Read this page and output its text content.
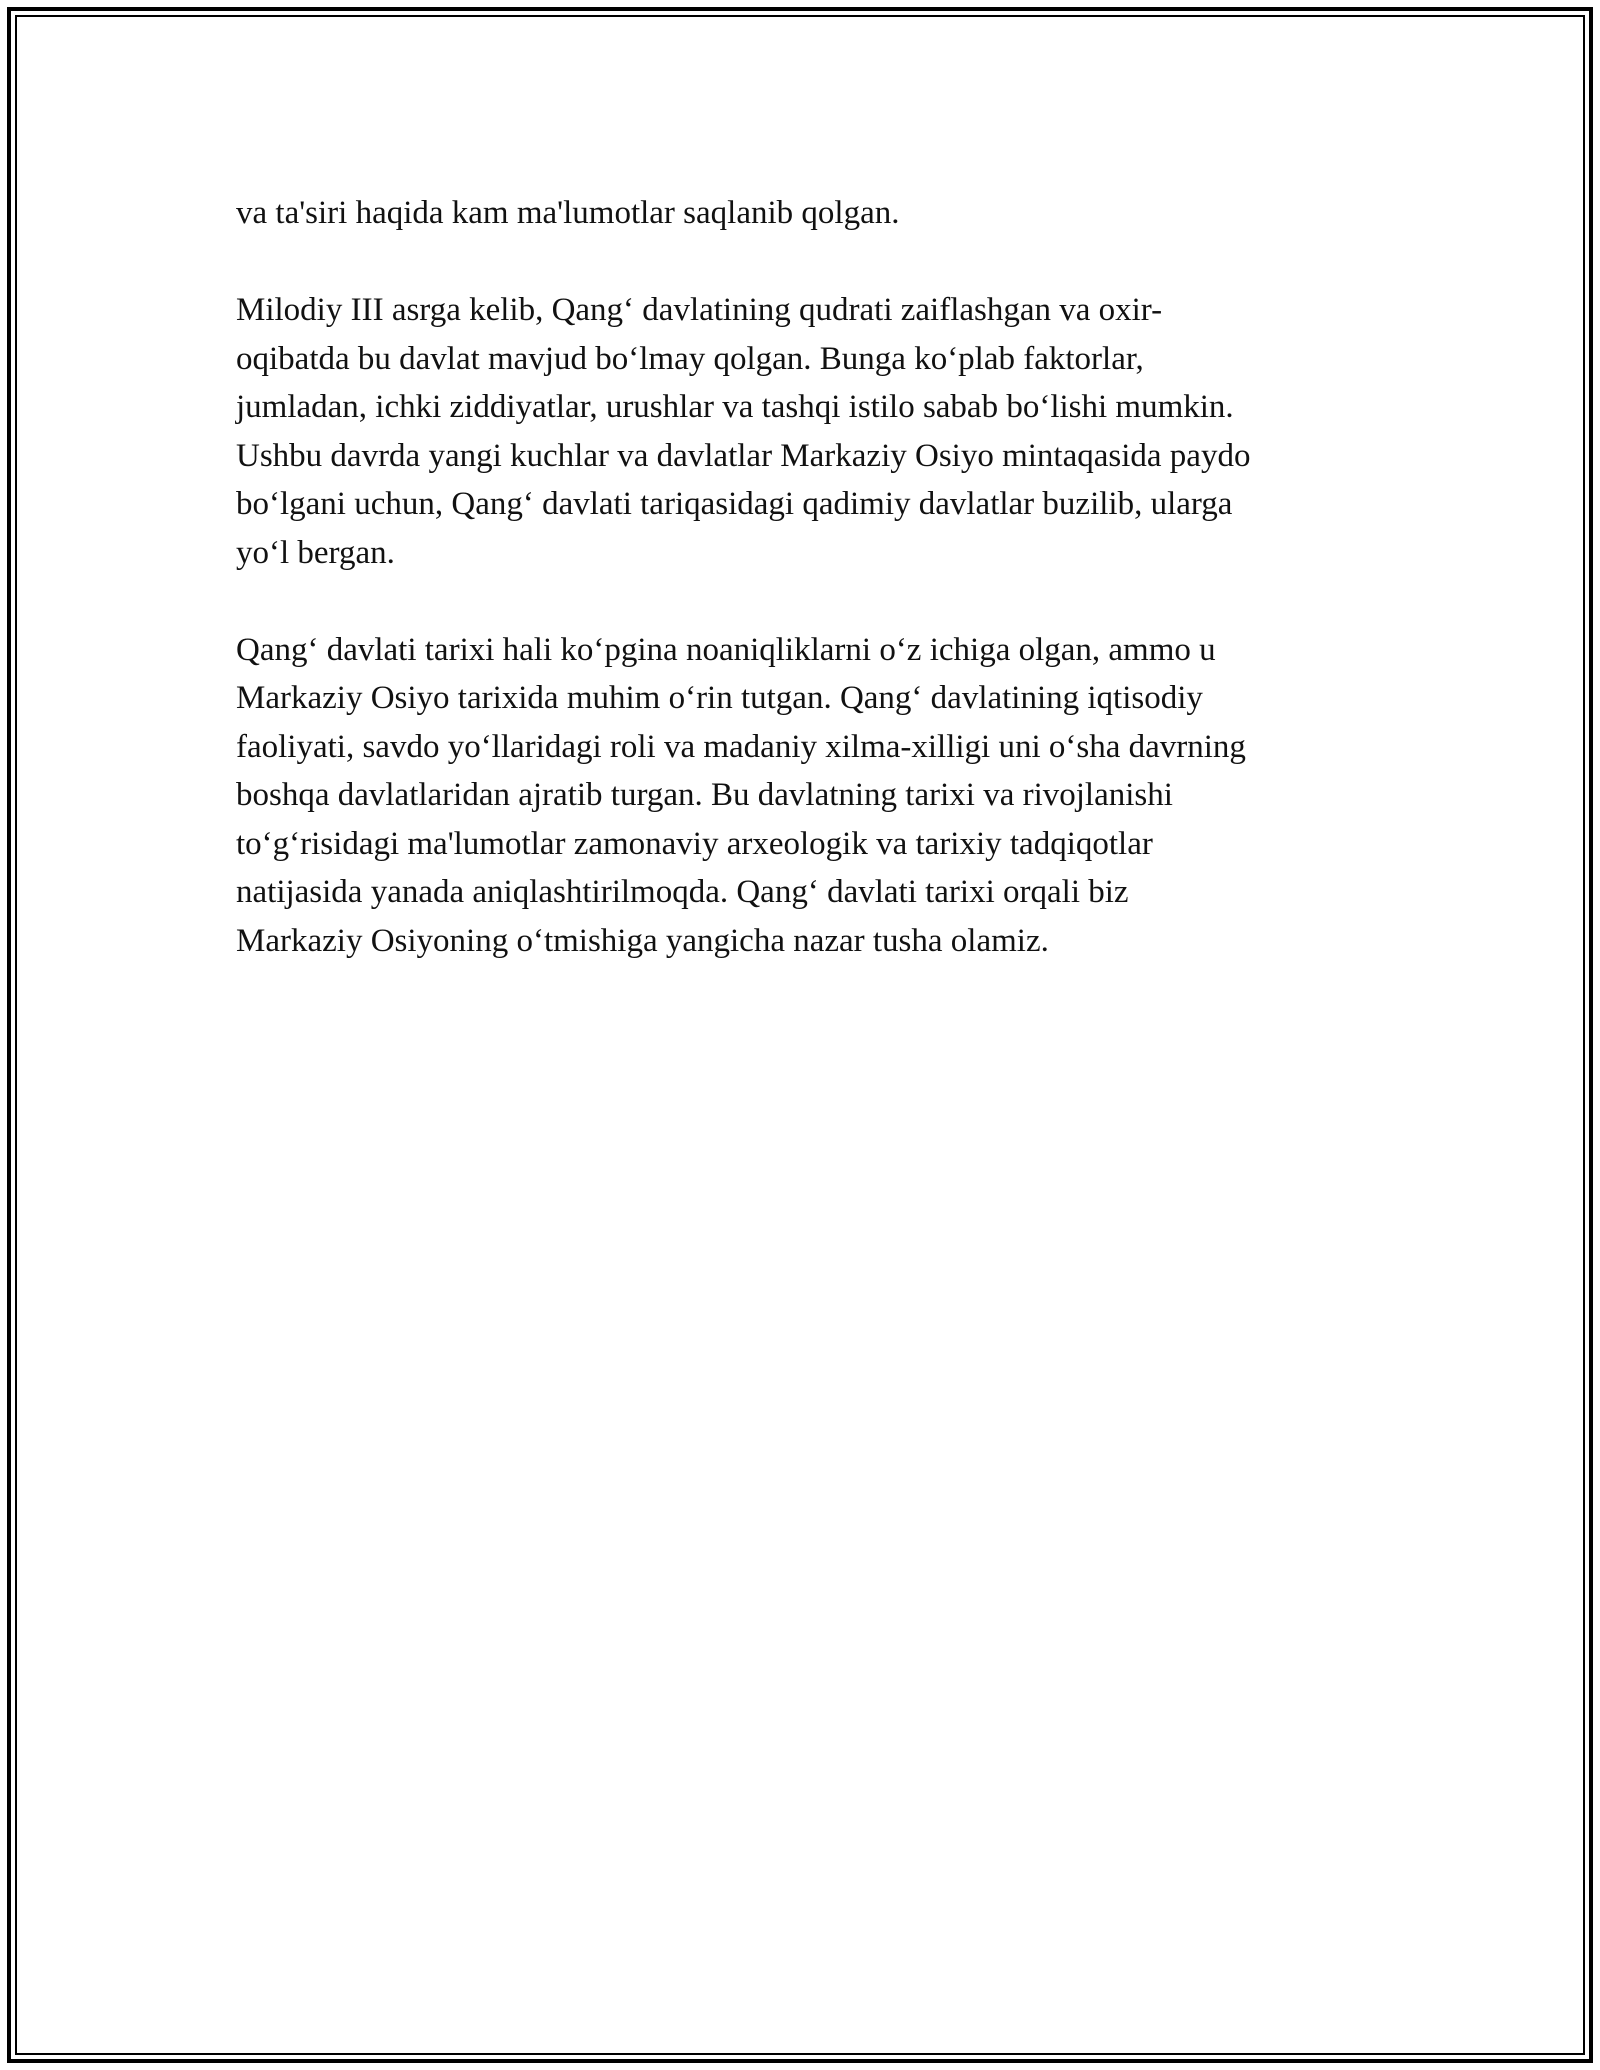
va ta'siri haqida kam ma'lumotlar saqlanib qolgan.
Milodiy III asrga kelib, Qang‘ davlatining qudrati zaiflashgan va oxir-
oqibatda bu davlat mavjud bo‘lmay qolgan. Bunga ko‘plab faktorlar,
jumladan, ichki ziddiyatlar, urushlar va tashqi istilo sabab bo‘lishi mumkin.
Ushbu davrda yangi kuchlar va davlatlar Markaziy Osiyo mintaqasida paydo
bo‘lgani uchun, Qang‘ davlati tariqasidagi qadimiy davlatlar buzilib, ularga
yo‘l bergan.
Qang‘ davlati tarixi hali ko‘pgina noaniqliklarni o‘z ichiga olgan, ammo u
Markaziy Osiyo tarixida muhim o‘rin tutgan. Qang‘ davlatining iqtisodiy
faoliyati, savdo yo‘llaridagi roli va madaniy xilma-xilligi uni o‘sha davrning
boshqa davlatlaridan ajratib turgan. Bu davlatning tarixi va rivojlanishi
to‘g‘risidagi ma'lumotlar zamonaviy arxeologik va tarixiy tadqiqotlar
natijasida yanada aniqlashtirilmoqda. Qang‘ davlati tarixi orqali biz
Markaziy Osiyoning o‘tmishiga yangicha nazar tusha olamiz.
